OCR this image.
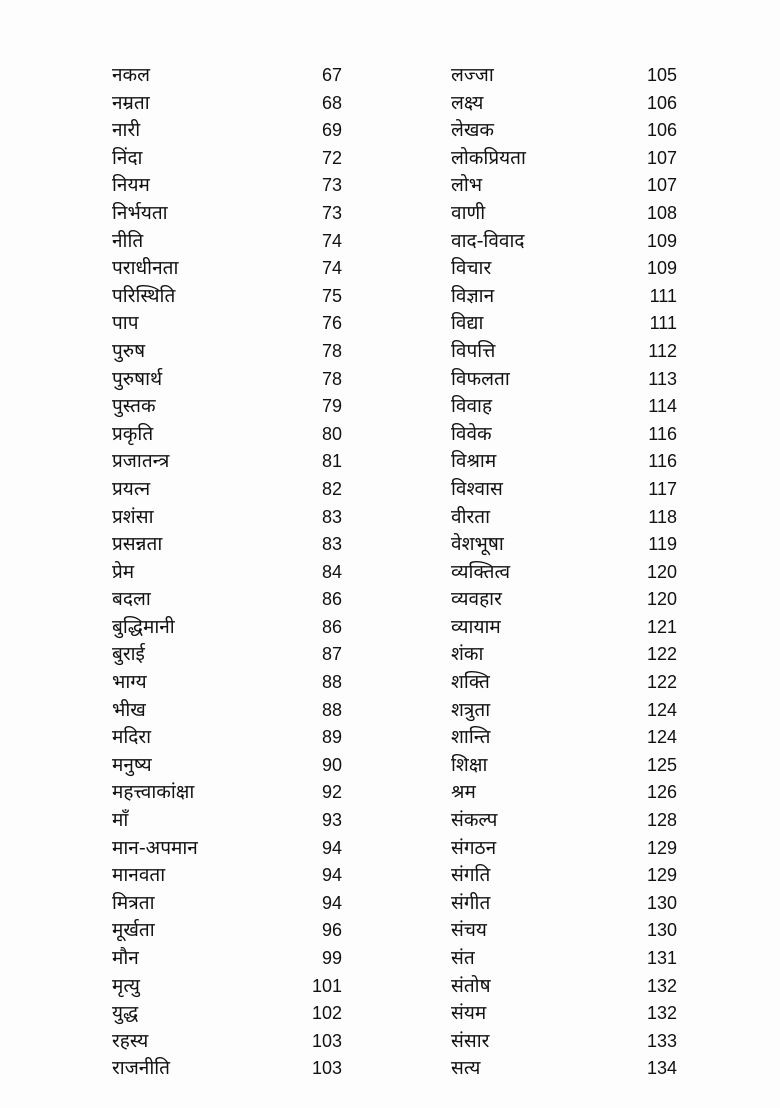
नकल	67
नम्रता	68
नारी	69
निंदा	72
नियम	73
निर्भयता	73
नीति	74
पराधीनता	74
परिस्थिति	75
पाप	76
पुरुष	78
पुरुषार्थ	78
पुस्तक	79
प्रकृति	80
प्रजातन्त्र	81
प्रयत्न	82
प्रशंसा	83
प्रसन्नता	83
प्रेम	84
बदला	86
बुद्धिमानी	86
बुराई	87
भाग्य	88
भीख	88
मदिरा	89
मनुष्य	90
महत्त्वाकांक्षा	92
माँ	93
मान-अपमान	94
मानवता	94
मित्रता	94
मूर्खता	96
मौन	99
मृत्यु	101
युद्ध	102
रहस्य	103
राजनीति	103
लज्जा	105
लक्ष्य	106
लेखक	106
लोकप्रियता	107
लोभ	107
वाणी	108
वाद-विवाद	109
विचार	109
विज्ञान	111
विद्या	111
विपत्ति	112
विफलता	113
विवाह	114
विवेक	116
विश्राम	116
विश्वास	117
वीरता	118
वेशभूषा	119
व्यक्तित्व	120
व्यवहार	120
व्यायाम	121
शंका	122
शक्ति	122
शत्रुता	124
शान्ति	124
शिक्षा	125
श्रम	126
संकल्प	128
संगठन	129
संगति	129
संगीत	130
संचय	130
संत	131
संतोष	132
संयम	132
संसार	133
सत्य	134
